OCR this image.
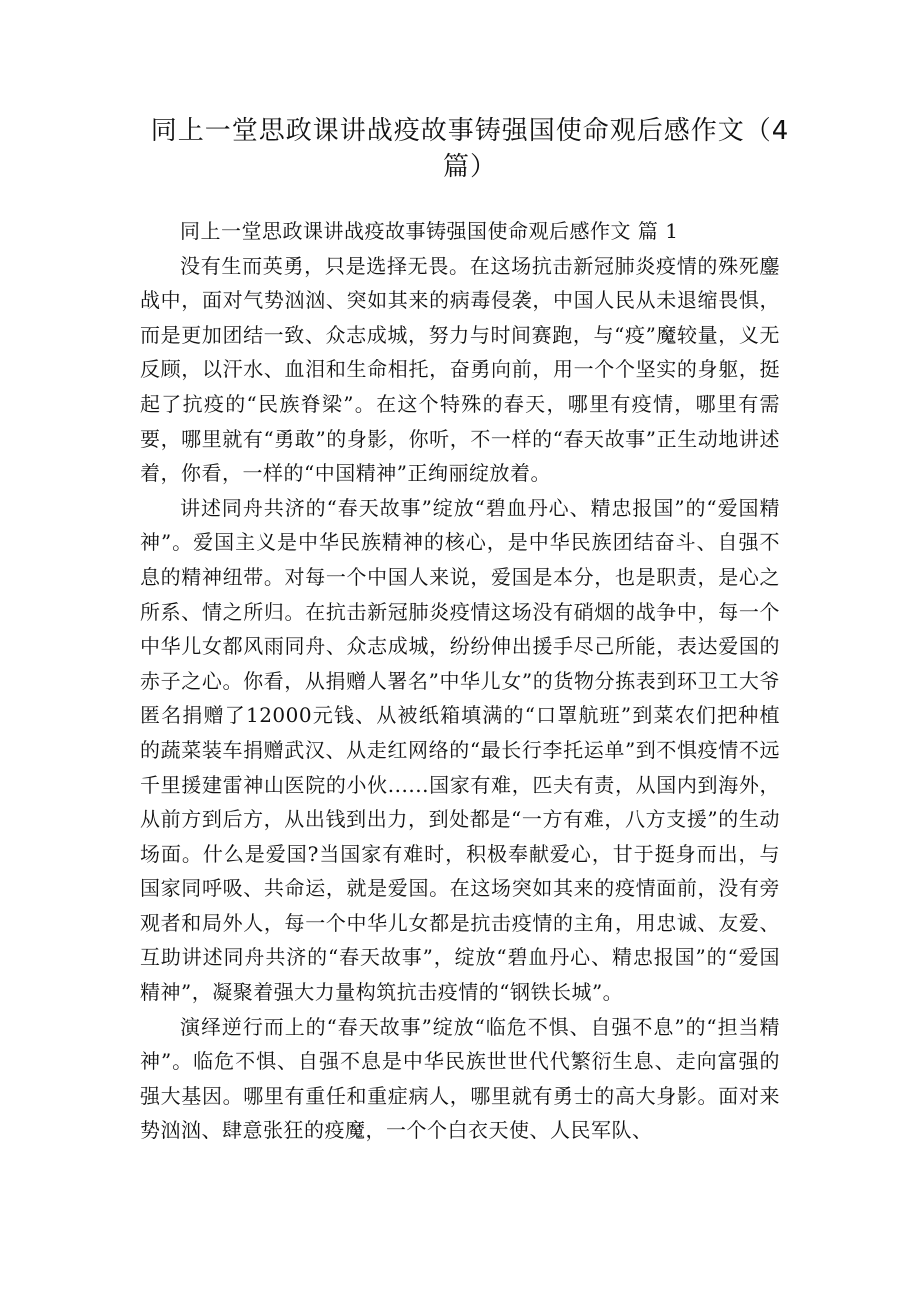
同上一堂思政课讲战疫故事铸强国使命观后感作文（4篇）

同上一堂思政课讲战疫故事铸强国使命观后感作文 篇 1

没有生而英勇，只是选择无畏。在这场抗击新冠肺炎疫情的殊死鏖战中，面对气势汹汹、突如其来的病毒侵袭，中国人民从未退缩畏惧，而是更加团结一致、众志成城，努力与时间赛跑，与“疫”魔较量，义无反顾，以汗水、血泪和生命相托，奋勇向前，用一个个坚实的身躯，挺起了抗疫的“民族脊梁”。在这个特殊的春天，哪里有疫情，哪里有需要，哪里就有“勇敢”的身影，你听，不一样的“春天故事”正生动地讲述着，你看，一样的“中国精神”正绚丽绽放着。

讲述同舟共济的“春天故事”绽放“碧血丹心、精忠报国”的“爱国精神”。爱国主义是中华民族精神的核心，是中华民族团结奋斗、自强不息的精神纽带。对每一个中国人来说，爱国是本分，也是职责，是心之所系、情之所归。在抗击新冠肺炎疫情这场没有硝烟的战争中，每一个中华儿女都风雨同舟、众志成城，纷纷伸出援手尽己所能，表达爱国的赤子之心。你看，从捐赠人署名”中华儿女”的货物分拣表到环卫工大爷匿名捐赠了12000元钱、从被纸箱填满的“口罩航班”到菜农们把种植的蔬菜装车捐赠武汉、从走红网络的“最长行李托运单”到不惧疫情不远千里援建雷神山医院的小伙......国家有难，匹夫有责，从国内到海外，从前方到后方，从出钱到出力，到处都是“一方有难，八方支援”的生动场面。什么是爱国?当国家有难时，积极奉献爱心，甘于挺身而出，与国家同呼吸、共命运，就是爱国。在这场突如其来的疫情面前，没有旁观者和局外人，每一个中华儿女都是抗击疫情的主角，用忠诚、友爱、互助讲述同舟共济的“春天故事”，绽放“碧血丹心、精忠报国”的“爱国精神”，凝聚着强大力量构筑抗击疫情的“钢铁长城”。

演绎逆行而上的“春天故事”绽放“临危不惧、自强不息”的“担当精神”。临危不惧、自强不息是中华民族世世代代繁衍生息、走向富强的强大基因。哪里有重任和重症病人，哪里就有勇士的高大身影。面对来势汹汹、肆意张狂的疫魔，一个个白衣天使、人民军队、
